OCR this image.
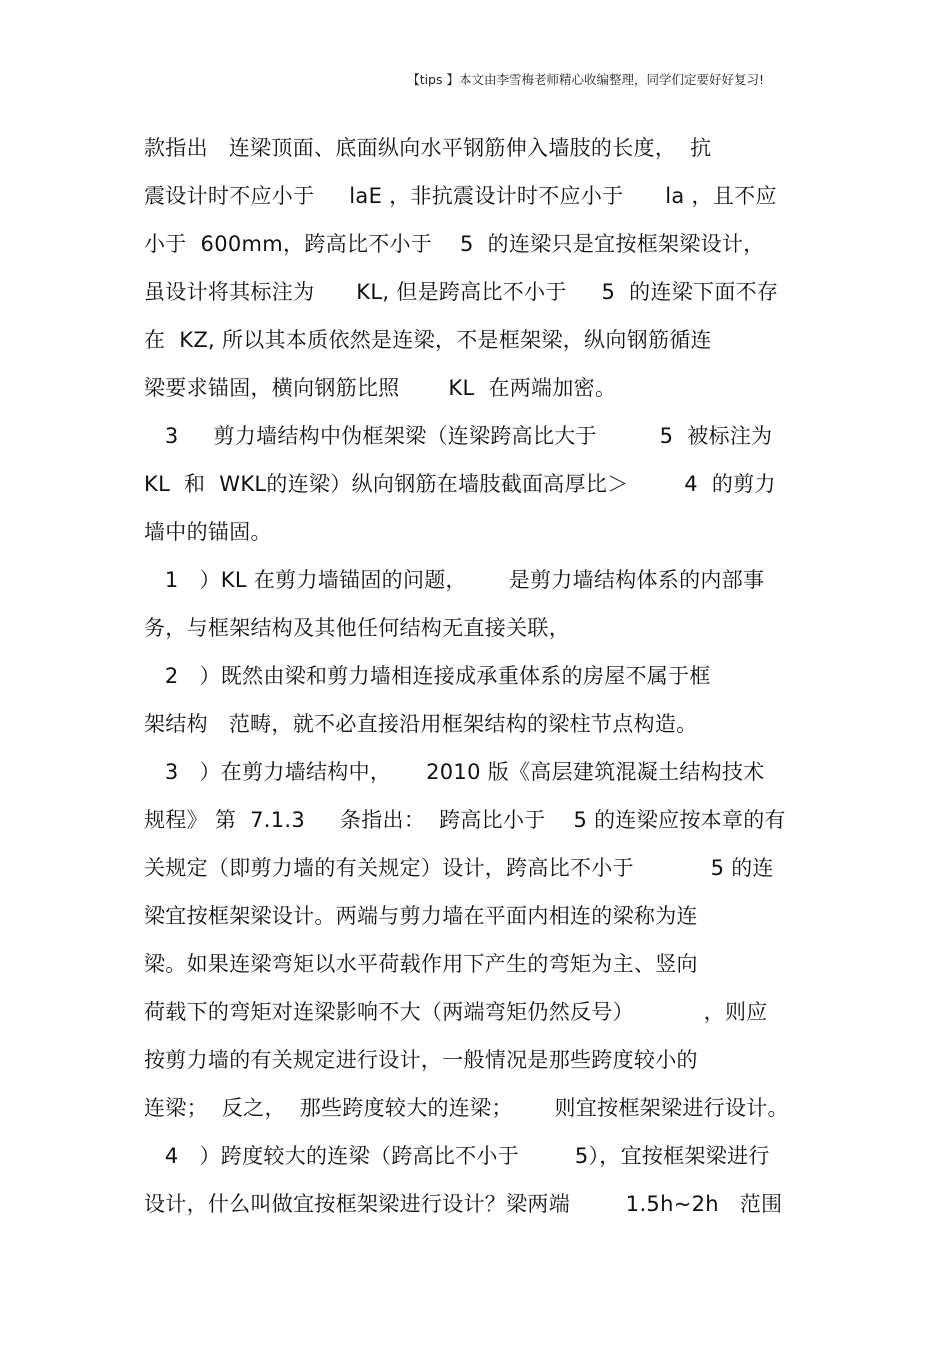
【tips 】本文由李雪梅老师精心收编整理，同学们定要好好复习!
款指出   连梁顶面、底面纵向水平钢筋伸入墙肢的长度，  抗
震设计时不应小于     laE ，非抗震设计时不应小于      la ，且不应
小于  600mm，跨高比不小于    5  的连梁只是宜按框架梁设计，
虽设计将其标注为      KL, 但是跨高比不小于     5  的连梁下面不存
在  KZ, 所以其本质依然是连梁，不是框架梁，纵向钢筋循连
梁要求锚固，横向钢筋比照       KL  在两端加密。
3     剪力墙结构中伪框架梁（连梁跨高比大于         5  被标注为
KL  和  WKL的连梁）纵向钢筋在墙肢截面高厚比＞        4  的剪力
墙中的锚固。
1   ）KL 在剪力墙锚固的问题，      是剪力墙结构体系的内部事
务，与框架结构及其他任何结构无直接关联，
2   ）既然由梁和剪力墙相连接成承重体系的房屋不属于框
架结构   范畴，就不必直接沿用框架结构的梁柱节点构造。
3   ）在剪力墙结构中，     2010 版《高层建筑混凝土结构技术
规程》 第  7.1.3     条指出：  跨高比小于    5 的连梁应按本章的有
关规定（即剪力墙的有关规定）设计，跨高比不小于           5 的连
梁宜按框架梁设计。两端与剪力墙在平面内相连的梁称为连
梁。如果连梁弯矩以水平荷载作用下产生的弯矩为主、竖向
荷载下的弯矩对连梁影响不大（两端弯矩仍然反号）          ，则应
按剪力墙的有关规定进行设计，一般情况是那些跨度较小的
连梁；  反之，  那些跨度较大的连梁；      则宜按框架梁进行设计。
4   ）跨度较大的连梁（跨高比不小于        5），宜按框架梁进行
设计，什么叫做宜按框架梁进行设计？梁两端        1.5h~2h   范围
